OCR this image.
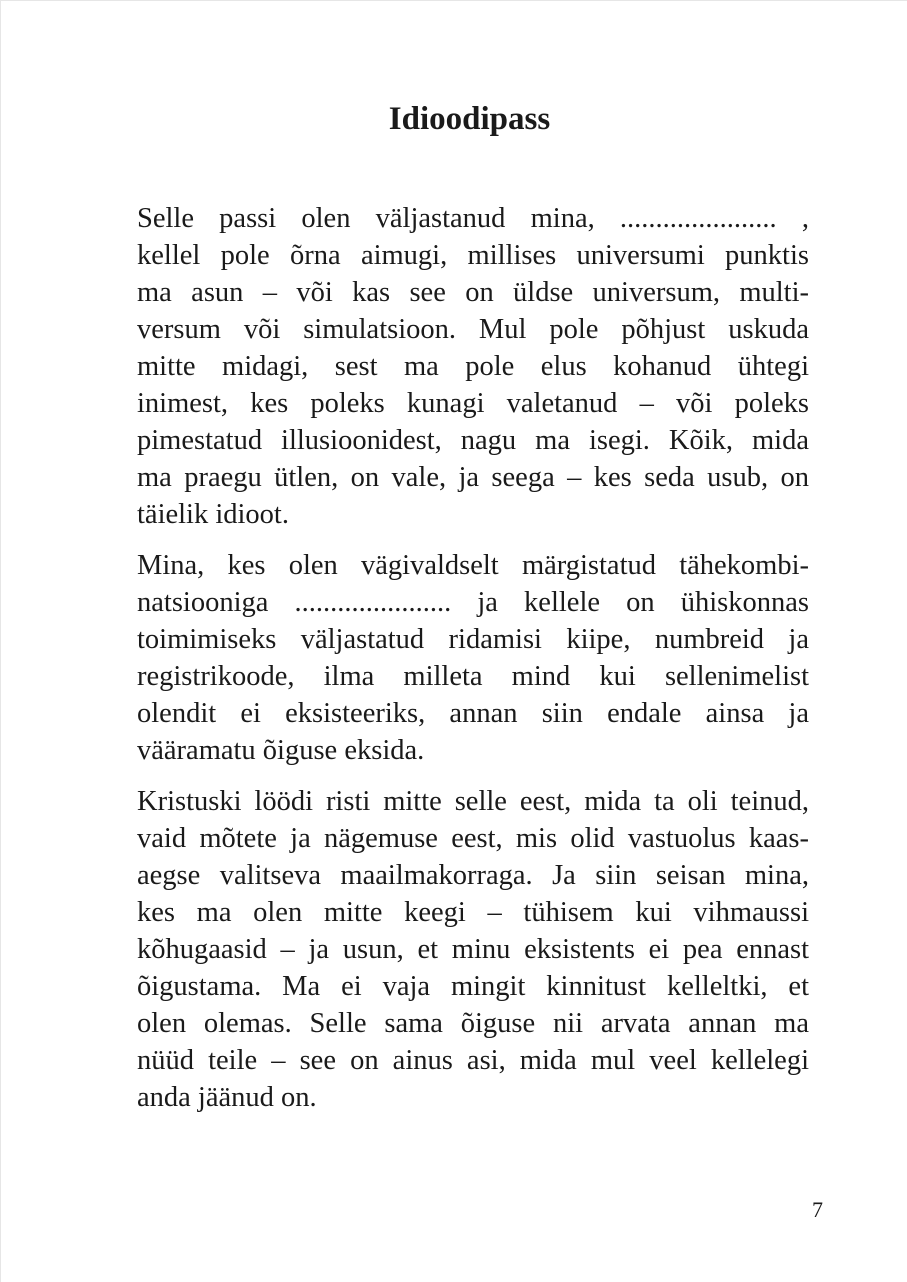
Idioodipass

Selle passi olen väljastanud mina, ...................... ,
kellel pole õrna aimugi, millises universumi punktis
ma asun – või kas see on üldse universum, multi-
versum või simulatsioon. Mul pole põhjust uskuda
mitte midagi, sest ma pole elus kohanud ühtegi
inimest, kes poleks kunagi valetanud – või poleks
pimestatud illusioonidest, nagu ma isegi. Kõik, mida
ma praegu ütlen, on vale, ja seega – kes seda usub, on
täielik idioot.

Mina, kes olen vägivaldselt märgistatud tähekombi-
natsiooniga ...................... ja kellele on ühiskonnas
toimimiseks väljastatud ridamisi kiipe, numbreid ja
registrikoode, ilma milleta mind kui sellenimelist
olendit ei eksisteeriks, annan siin endale ainsa ja
vääramatu õiguse eksida.

Kristuski löödi risti mitte selle eest, mida ta oli teinud,
vaid mõtete ja nägemuse eest, mis olid vastuolus kaas-
aegse valitseva maailmakorraga. Ja siin seisan mina,
kes ma olen mitte keegi – tühisem kui vihmaussi
kõhugaasid – ja usun, et minu eksistents ei pea ennast
õigustama. Ma ei vaja mingit kinnitust kelleltki, et
olen olemas. Selle sama õiguse nii arvata annan ma
nüüd teile – see on ainus asi, mida mul veel kellelegi
anda jäänud on.

7
